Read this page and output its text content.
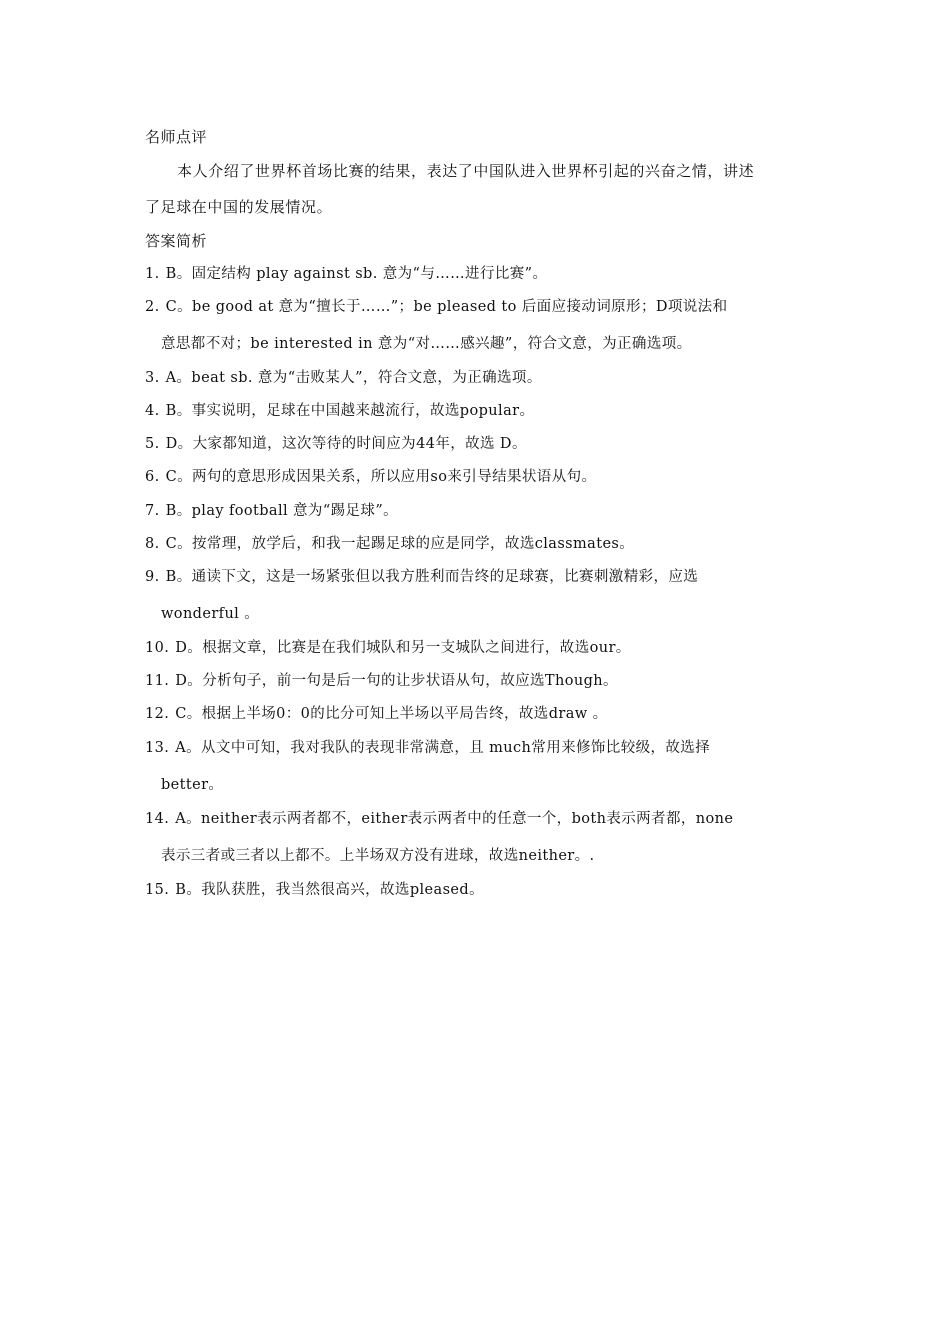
名师点评
本人介绍了世界杯首场比赛的结果，表达了中国队进入世界杯引起的兴奋之情，讲述
了足球在中国的发展情况。
答案简析
1. B。固定结构 play against sb. 意为“与……进行比赛”。
2. C。be good at 意为“擅长于……”；be pleased to 后面应接动词原形；D项说法和
意思都不对；be interested in 意为“对……感兴趣”，符合文意，为正确选项。
3. A。beat sb. 意为“击败某人”，符合文意，为正确选项。
4. B。事实说明，足球在中国越来越流行，故选popular。
5. D。大家都知道，这次等待的时间应为44年，故选 D。
6. C。两句的意思形成因果关系，所以应用so来引导结果状语从句。
7. B。play football 意为“踢足球”。
8. C。按常理，放学后，和我一起踢足球的应是同学，故选classmates。
9. B。通读下文，这是一场紧张但以我方胜利而告终的足球赛，比赛刺激精彩，应选
wonderful 。
10. D。根据文章，比赛是在我们城队和另一支城队之间进行，故选our。
11. D。分析句子，前一句是后一句的让步状语从句，故应选Though。
12. C。根据上半场0：0的比分可知上半场以平局告终，故选draw 。
13. A。从文中可知，我对我队的表现非常满意，且 much常用来修饰比较级，故选择
better。
14. A。neither表示两者都不，either表示两者中的任意一个，both表示两者都，none
表示三者或三者以上都不。上半场双方没有进球，故选neither。.
15. B。我队获胜，我当然很高兴，故选pleased。
